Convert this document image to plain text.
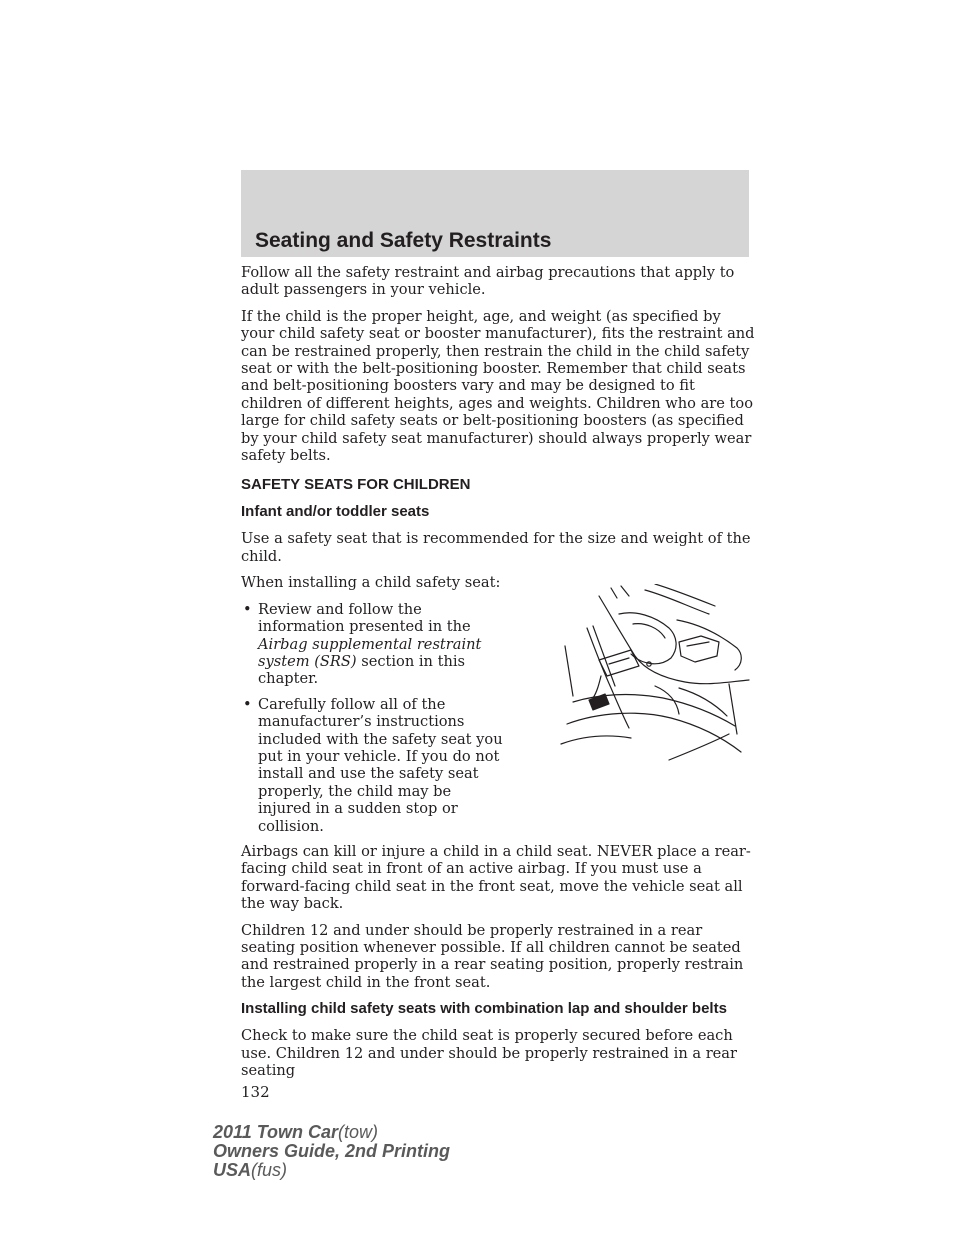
Seating and Safety Restraints

Follow all the safety restraint and airbag precautions that apply to adult passengers in your vehicle.

If the child is the proper height, age, and weight (as specified by your child safety seat or booster manufacturer), fits the restraint and can be restrained properly, then restrain the child in the child safety seat or with the belt-positioning booster. Remember that child seats and belt-positioning boosters vary and may be designed to fit children of different heights, ages and weights. Children who are too large for child safety seats or belt-positioning boosters (as specified by your child safety seat manufacturer) should always properly wear safety belts.

SAFETY SEATS FOR CHILDREN
Infant and/or toddler seats

Use a safety seat that is recommended for the size and weight of the child.

When installing a child safety seat:

• Review and follow the information presented in the Airbag supplemental restraint system (SRS) section in this chapter.
• Carefully follow all of the manufacturer’s instructions included with the safety seat you put in your vehicle. If you do not install and use the safety seat properly, the child may be injured in a sudden stop or collision.

Airbags can kill or injure a child in a child seat. NEVER place a rear-facing child seat in front of an active airbag. If you must use a forward-facing child seat in the front seat, move the vehicle seat all the way back.

Children 12 and under should be properly restrained in a rear seating position whenever possible. If all children cannot be seated and restrained properly in a rear seating position, properly restrain the largest child in the front seat.

Installing child safety seats with combination lap and shoulder belts

Check to make sure the child seat is properly secured before each use. Children 12 and under should be properly restrained in a rear seating

132
2011 Town Car(tow)
Owners Guide, 2nd Printing
USA(fus)
